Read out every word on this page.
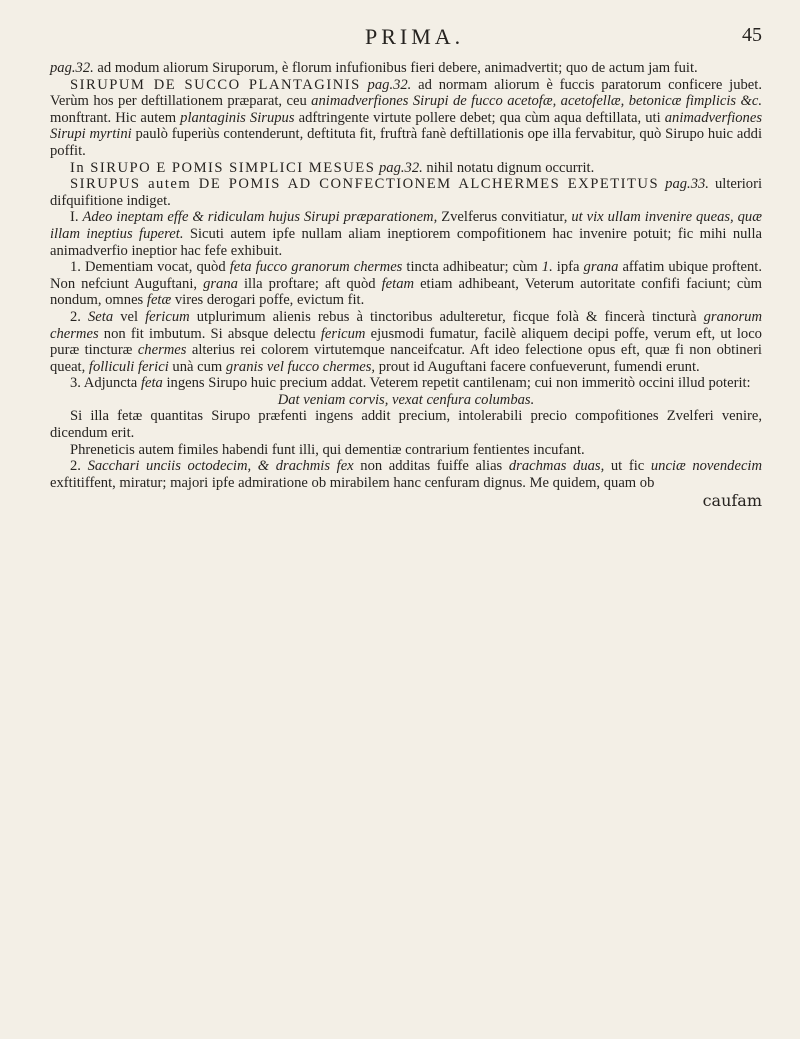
PRIMA.	45

pag.32. ad modum aliorum Siruporum, è florum infufionibus fieri debere, animadvertit; quo de actum jam fuit.

SIRUPUM DE SUCCO PLANTAGINIS pag.32. ad normam aliorum è fuccis paratorum conficere jubet. Verùm hos per deftillationem præparat, ceu animadverfiones Sirupi de fucco acetofæ, acetofellæ, betonicæ fimplicis &c. monftrant. Hic autem plantaginis Sirupus adftringente virtute pollere debet; qua cùm aqua deftillata, uti animadverfiones Sirupi myrtini paulò fuperiùs contenderunt, deftituta fit, fruftrà fanè deftillationis ope illa fervabitur, quò Sirupo huic addi poffit.

In SIRUPO E POMIS SIMPLICI MESUES pag.32. nihil notatu dignum occurrit.

SIRUPUS autem DE POMIS AD CONFECTIONEM ALCHERMES EXPETITUS pag.33. ulteriori difquifitione indiget.

I. Adeo ineptam effe & ridiculam hujus Sirupi præparationem, Zvelferus convitiatur, ut vix ullam invenire queas, quæ illam ineptius fuperet. Sicuti autem ipfe nullam aliam ineptiorem compofitionem hac invenire potuit; fic mihi nulla animadverfio ineptior hac fefe exhibuit.

1. Dementiam vocat, quòd feta fucco granorum chermes tincta adhibeatur; cùm 1. ipfa grana affatim ubique proftent. Non nefciunt Auguftani, grana illa proftare; aft quòd fetam etiam adhibeant, Veterum autoritate confifi faciunt; cùm nondum, omnes fetæ vires derogari poffe, evictum fit.

2. Seta vel fericum utplurimum alienis rebus à tinctoribus adulteretur, ficque folà & fincerà tincturà granorum chermes non fit imbutum. Si absque delectu fericum ejusmodi fumatur, facilè aliquem decipi poffe, verum eft, ut loco puræ tincturæ chermes alterius rei colorem virtutemque nanceifcatur. Aft ideo felectione opus eft, quæ fi non obtineri queat, folliculi ferici unà cum granis vel fucco chermes, prout id Auguftani facere confueverunt, fumendi erunt.

3. Adjuncta feta ingens Sirupo huic precium addat. Veterem repetit cantilenam; cui non immeritò occini illud poterit:

Dat veniam corvis, vexat cenfura columbas.

Si illa fetæ quantitas Sirupo præfenti ingens addit precium, intolerabili precio compofitiones Zvelferi venire, dicendum erit.

Phreneticis autem fimiles habendi funt illi, qui dementiæ contrarium fentientes incufant.

2. Sacchari unciis octodecim, & drachmis fex non additas fuiffe alias drachmas duas, ut fic unciæ novendecim exftitiffent, miratur; majori ipfe admiratione ob mirabilem hanc cenfuram dignus. Me quidem, quam ob

caufam
